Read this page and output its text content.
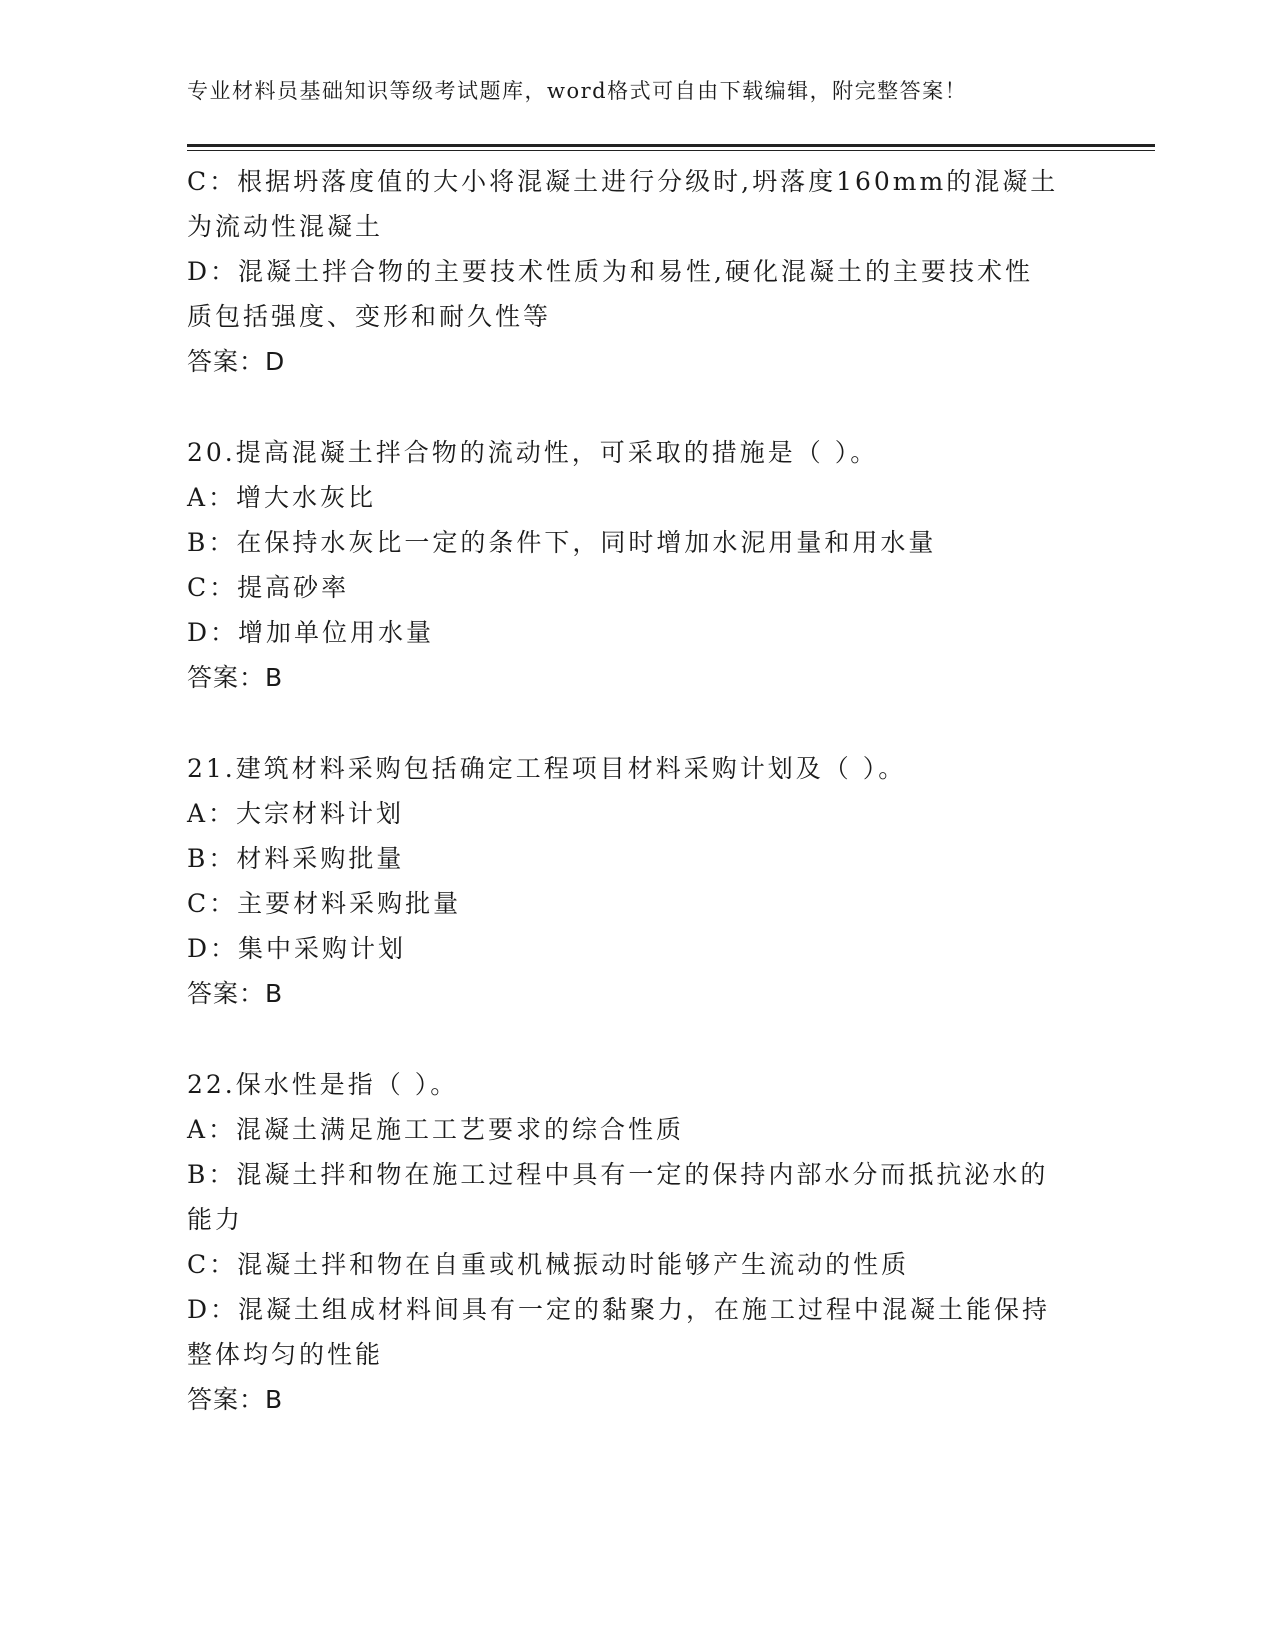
专业材料员基础知识等级考试题库，word格式可自由下载编辑，附完整答案！
C：根据坍落度值的大小将混凝土进行分级时,坍落度160mm的混凝土
为流动性混凝土
D：混凝土拌合物的主要技术性质为和易性,硬化混凝土的主要技术性
质包括强度、变形和耐久性等
答案：D
20.提高混凝土拌合物的流动性，可采取的措施是（ ）。
A：增大水灰比
B：在保持水灰比一定的条件下，同时增加水泥用量和用水量
C：提高砂率
D：增加单位用水量
答案：B
21.建筑材料采购包括确定工程项目材料采购计划及（ ）。
A：大宗材料计划
B：材料采购批量
C：主要材料采购批量
D：集中采购计划
答案：B
22.保水性是指（ ）。
A：混凝土满足施工工艺要求的综合性质
B：混凝土拌和物在施工过程中具有一定的保持内部水分而抵抗泌水的
能力
C：混凝土拌和物在自重或机械振动时能够产生流动的性质
D：混凝土组成材料间具有一定的黏聚力，在施工过程中混凝土能保持
整体均匀的性能
答案：B
